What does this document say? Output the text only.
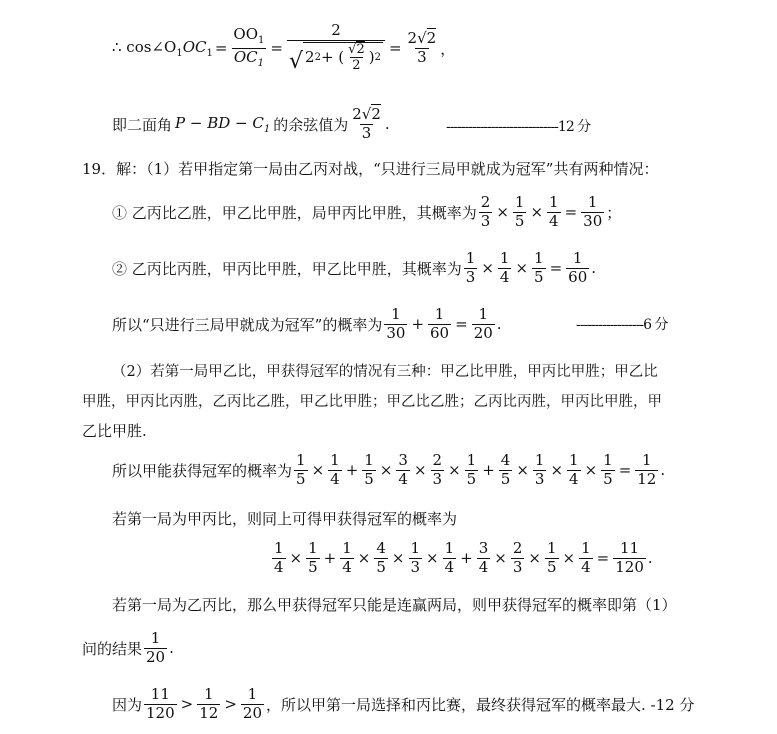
∴ $\cos\angle O_1OC_1 = \frac{OO_1}{OC_1}$ =
2
√ 2 2 + ( $\frac{√2}{2}$ ) 2
= $\frac{2√2}{3}$ ，
即二面角 P − BD − $C_1$ 的余弦值为 $\frac{2√2}{3}$ .	------------------------------12 分
19．解：（1）若甲指定第一局由乙丙对战，“只进行三局甲就成为冠军”共有两种情况：
① 乙丙比乙胜，甲乙比甲胜，局甲丙比甲胜，其概率为 $\frac{2}{3} \times \frac{1}{5} \times \frac{1}{4} = \frac{1}{30}$ ；
② 乙丙比丙胜，甲丙比甲胜，甲乙比甲胜，其概率为 $\frac{1}{3} \times \frac{1}{4} \times \frac{1}{5} = \frac{1}{60}$ .
所以“只进行三局甲就成为冠军”的概率为 $\frac{1}{30} + \frac{1}{60} = \frac{1}{20}$ .	------------------6 分
（2）若第一局甲乙比，甲获得冠军的情况有三种：甲乙比甲胜，甲丙比甲胜；甲乙比
甲胜，甲丙比丙胜，乙丙比乙胜，甲乙比甲胜；甲乙比乙胜；乙丙比丙胜，甲丙比甲胜，甲
乙比甲胜.
所以甲能获得冠军的概率为 $\frac{1}{5} \times \frac{1}{4} + \frac{1}{5} \times \frac{3}{4} \times \frac{2}{3} \times \frac{1}{5} + \frac{4}{5} \times \frac{1}{3} \times \frac{1}{4} \times \frac{1}{5} = \frac{1}{12}$ .
若第一局为甲丙比，则同上可得甲获得冠军的概率为
$\frac{1}{4} \times \frac{1}{5} + \frac{1}{4} \times \frac{4}{5} \times \frac{1}{3} \times \frac{1}{4} + \frac{3}{4} \times \frac{2}{3} \times \frac{1}{5} \times \frac{1}{4} = \frac{11}{120}$ .
若第一局为乙丙比，那么甲获得冠军只能是连赢两局，则甲获得冠军的概率即第（1）
问的结果 $\frac{1}{20}$ .
因为 $\frac{11}{120} > \frac{1}{12} > \frac{1}{20}$ ，所以甲第一局选择和丙比赛，最终获得冠军的概率最大. -12 分
